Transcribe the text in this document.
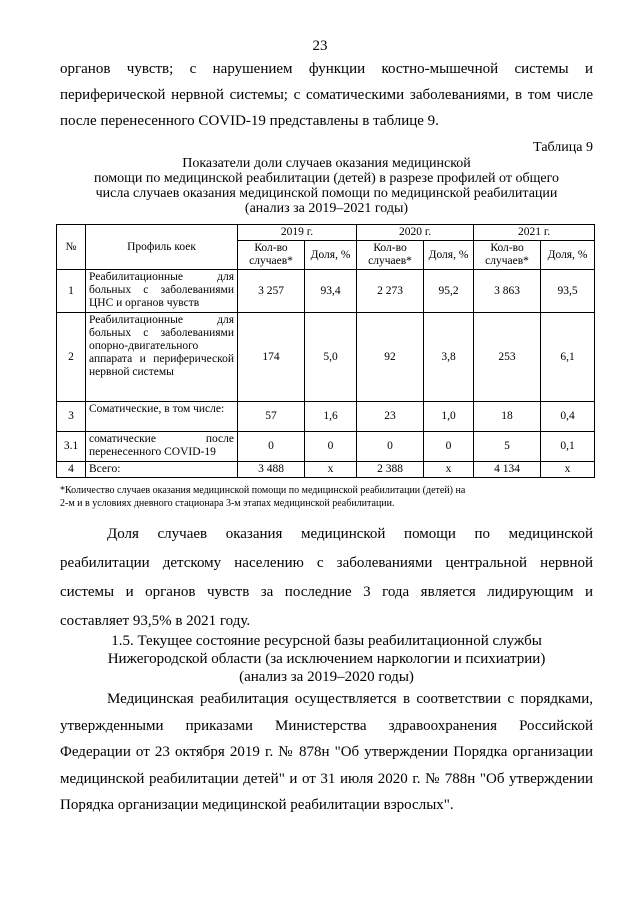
23
органов чувств; с нарушением функции костно-мышечной системы и
периферической нервной системы; с соматическими заболеваниями, в том числе
после перенесенного COVID-19 представлены в таблице 9.
Таблица 9
Показатели доли случаев оказания медицинской
помощи по медицинской реабилитации (детей) в разрезе профилей от общего
числа случаев оказания медицинской помощи по медицинской реабилитации
(анализ за 2019–2021 годы)
№	Профиль коек	2019 г.		2020 г.		2021 г.	
		Кол-во случаев*	Доля, %	Кол-во случаев*	Доля, %	Кол-во случаев*	Доля, %
1	Реабилитационные для больных с заболеваниями ЦНС и органов чувств	3 257	93,4	2 273	95,2	3 863	93,5
2	Реабилитационные для больных с заболеваниями опорно-двигательного аппарата и периферической нервной системы	174	5,0	92	3,8	253	6,1
3	Соматические, в том числе:	57	1,6	23	1,0	18	0,4
3.1	соматические после перенесенного COVID-19	0	0	0	0	5	0,1
4	Всего:	3 488	х	2 388	х	4 134	х
*Количество случаев оказания медицинской помощи по медицинской реабилитации (детей) на
2-м и в условиях дневного стационара 3-м этапах медицинской реабилитации.
Доля случаев оказания медицинской помощи по медицинской
реабилитации детскому населению с заболеваниями центральной нервной
системы и органов чувств за последние 3 года является лидирующим и
составляет 93,5% в 2021 году.
1.5. Текущее состояние ресурсной базы реабилитационной службы
Нижегородской области (за исключением наркологии и психиатрии)
(анализ за 2019–2020 годы)
Медицинская реабилитация осуществляется в соответствии с порядками,
утвержденными приказами Министерства здравоохранения Российской
Федерации от 23 октября 2019 г. № 878н "Об утверждении Порядка организации
медицинской реабилитации детей" и от 31 июля 2020 г. № 788н "Об утверждении
Порядка организации медицинской реабилитации взрослых".
